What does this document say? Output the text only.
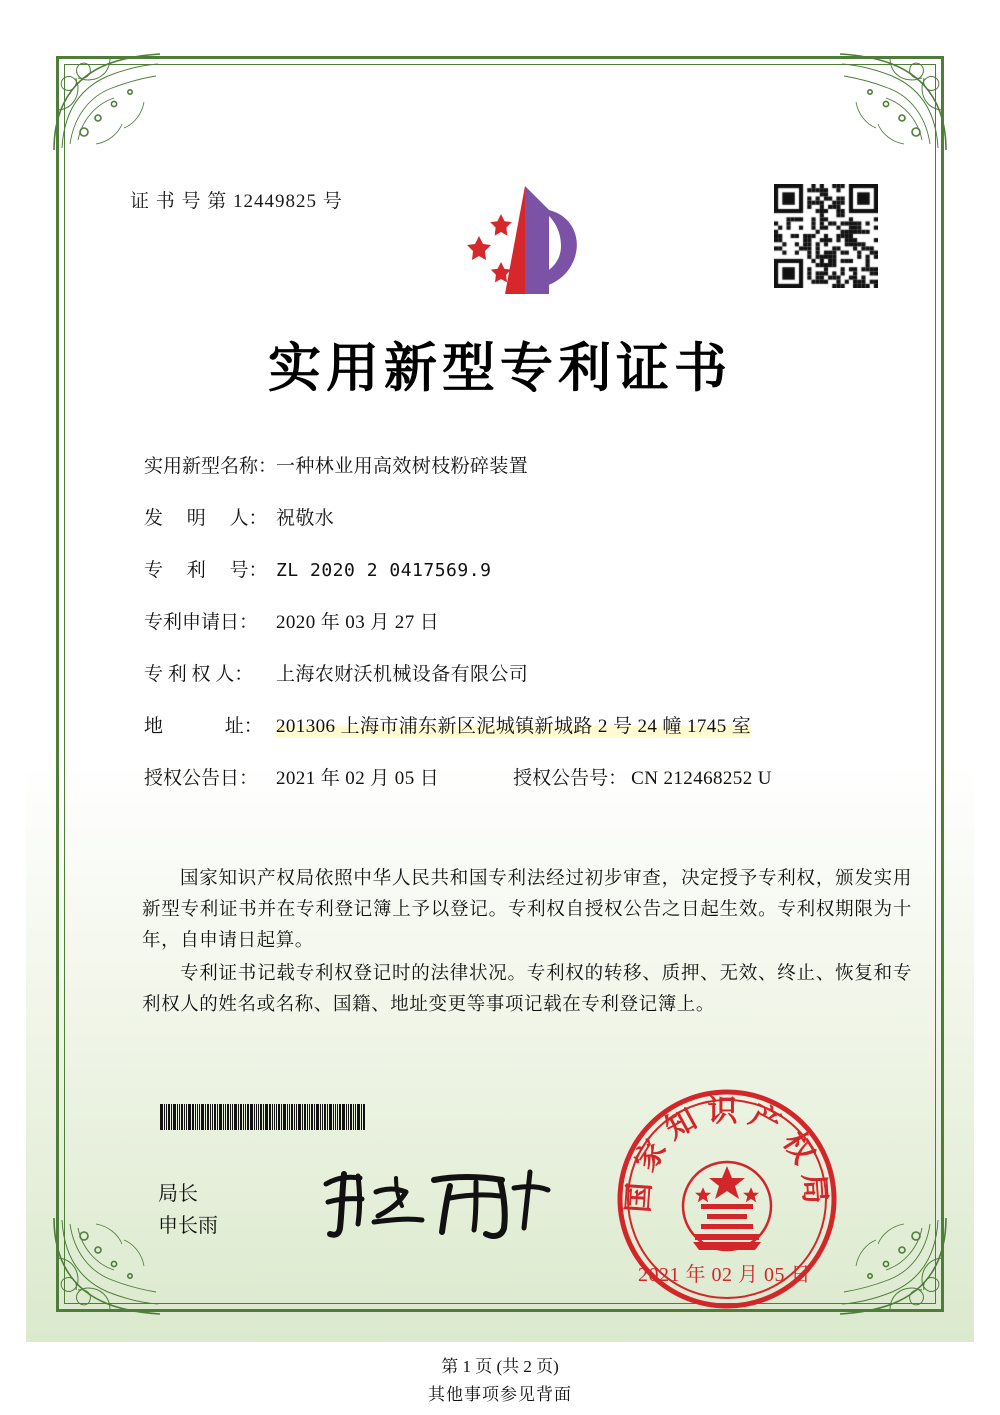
证 书 号 第 12449825 号
实用新型专利证书
实用新型名称：
一种林业用高效树枝粉碎装置
发　 明　 人： 祝敬水
专　 利　 号： ZL 2020 2 0417569.9
专利申请日： 2020 年 03 月 27 日
专 利 权 人：	上海农财沃机械设备有限公司
地　　 　址： 201306 上海市浦东新区泥城镇新城路 2 号 24 幢 1745 室
授权公告日： 2021 年 02 月 05 日	授权公告号： CN 212468252 U

国家知识产权局依照中华人民共和国专利法经过初步审查，决定授予专利权，颁发实用新型专利证书并在专利登记簿上予以登记。专利权自授权公告之日起生效。专利权期限为十年，自申请日起算。

专利证书记载专利权登记时的法律状况。专利权的转移、质押、无效、终止、恢复和专利权人的姓名或名称、国籍、地址变更等事项记载在专利登记簿上。

局长
申长雨
国家知识产权局
2021 年 02 月 05 日
第 1 页 (共 2 页)
其他事项参见背面
